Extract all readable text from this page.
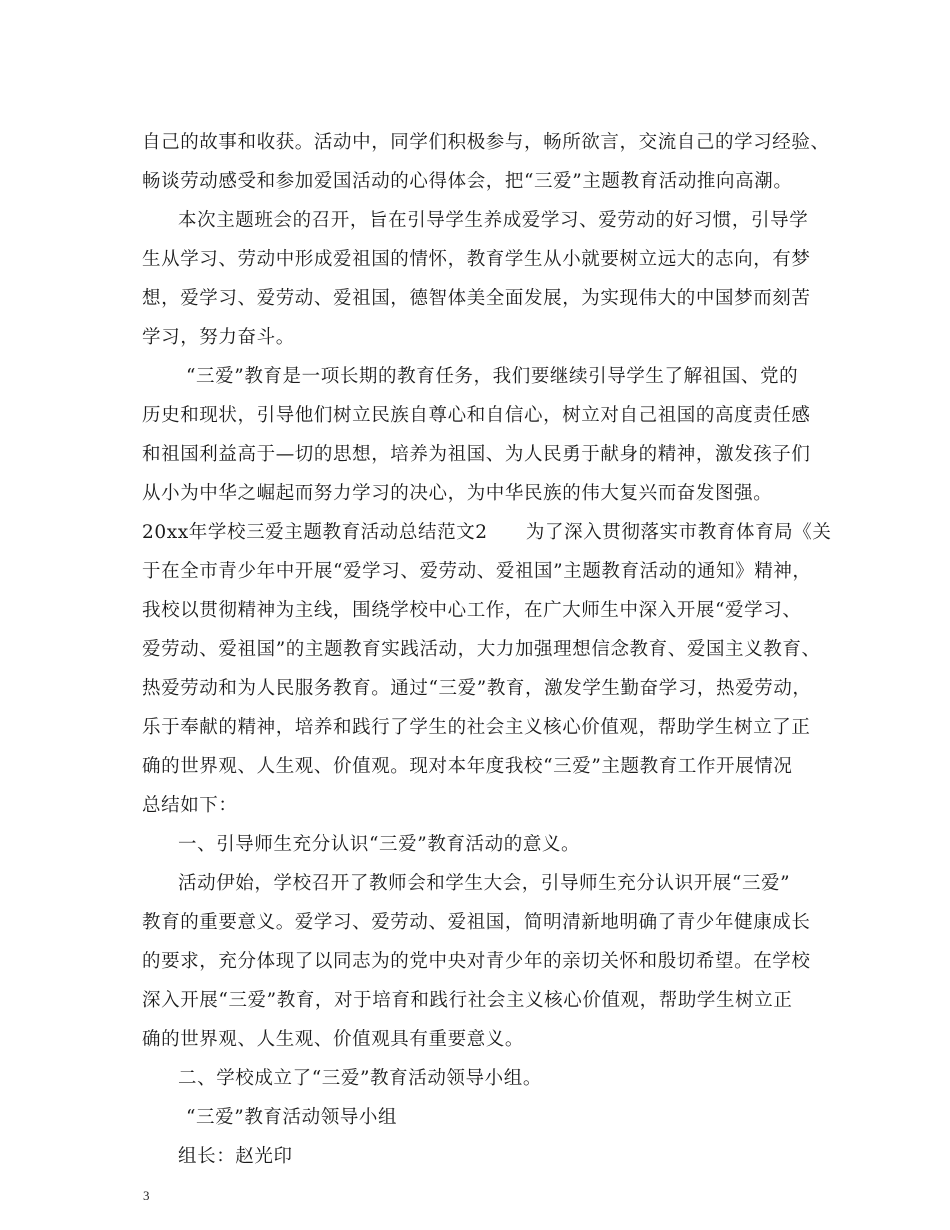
自己的故事和收获。活动中，同学们积极参与，畅所欲言，交流自己的学习经验、
畅谈劳动感受和参加爱国活动的心得体会，把“三爱”主题教育活动推向高潮。
本次主题班会的召开，旨在引导学生养成爱学习、爱劳动的好习惯，引导学
生从学习、劳动中形成爱祖国的情怀，教育学生从小就要树立远大的志向，有梦
想，爱学习、爱劳动、爱祖国，德智体美全面发展，为实现伟大的中国梦而刻苦
学习，努力奋斗。
“三爱”教育是一项长期的教育任务，我们要继续引导学生了解祖国、党的
历史和现状，引导他们树立民族自尊心和自信心，树立对自己祖国的高度责任感
和祖国利益高于—切的思想，培养为祖国、为人民勇于献身的精神，激发孩子们
从小为中华之崛起而努力学习的决心，为中华民族的伟大复兴而奋发图强。
20xx年学校三爱主题教育活动总结范文2　　为了深入贯彻落实市教育体育局《关
于在全市青少年中开展“爱学习、爱劳动、爱祖国”主题教育活动的通知》精神，
我校以贯彻精神为主线，围绕学校中心工作，在广大师生中深入开展“爱学习、
爱劳动、爱祖国”的主题教育实践活动，大力加强理想信念教育、爱国主义教育、
热爱劳动和为人民服务教育。通过“三爱”教育，激发学生勤奋学习，热爱劳动，
乐于奉献的精神，培养和践行了学生的社会主义核心价值观，帮助学生树立了正
确的世界观、人生观、价值观。现对本年度我校“三爱”主题教育工作开展情况
总结如下：
一、引导师生充分认识“三爱”教育活动的意义。
活动伊始，学校召开了教师会和学生大会，引导师生充分认识开展“三爱”
教育的重要意义。爱学习、爱劳动、爱祖国，简明清新地明确了青少年健康成长
的要求，充分体现了以同志为的党中央对青少年的亲切关怀和殷切希望。在学校
深入开展“三爱”教育，对于培育和践行社会主义核心价值观，帮助学生树立正
确的世界观、人生观、价值观具有重要意义。
二、学校成立了“三爱”教育活动领导小组。
“三爱”教育活动领导小组
组长：赵光印
3
